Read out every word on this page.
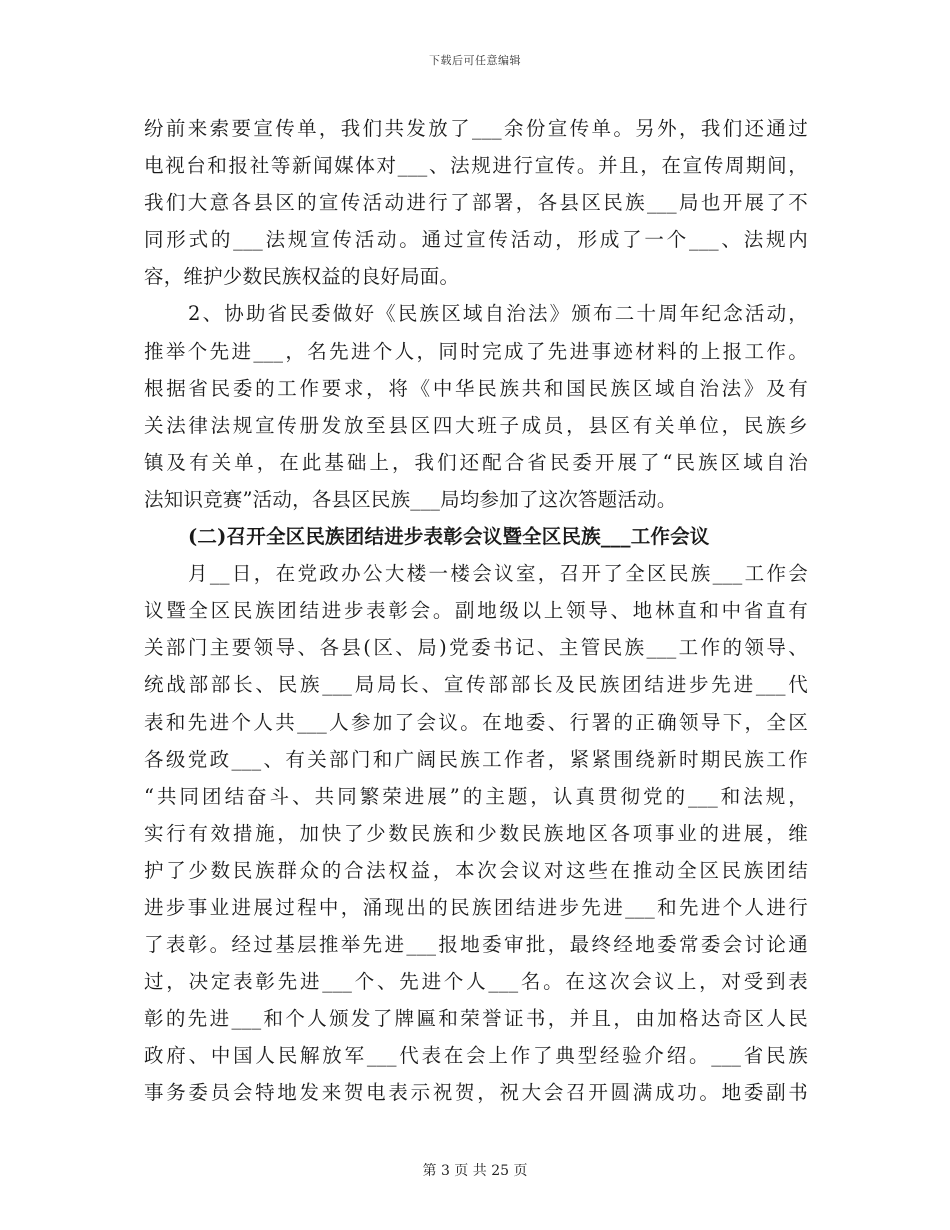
下载后可任意编辑
纷前来索要宣传单，我们共发放了___余份宣传单。另外，我们还通过
电视台和报社等新闻媒体对___、法规进行宣传。并且，在宣传周期间，
我们大意各县区的宣传活动进行了部署，各县区民族___局也开展了不
同形式的___法规宣传活动。通过宣传活动，形成了一个___、法规内
容，维护少数民族权益的良好局面。
2、协助省民委做好《民族区域自治法》颁布二十周年纪念活动，
推举个先进___，名先进个人，同时完成了先进事迹材料的上报工作。
根据省民委的工作要求，将《中华民族共和国民族区域自治法》及有
关法律法规宣传册发放至县区四大班子成员，县区有关单位，民族乡
镇及有关单，在此基础上，我们还配合省民委开展了“民族区域自治
法知识竞赛”活动，各县区民族___局均参加了这次答题活动。
(二)召开全区民族团结进步表彰会议暨全区民族___工作会议
月__日，在党政办公大楼一楼会议室，召开了全区民族___工作会
议暨全区民族团结进步表彰会。副地级以上领导、地林直和中省直有
关部门主要领导、各县(区、局)党委书记、主管民族___工作的领导、
统战部部长、民族___局局长、宣传部部长及民族团结进步先进___代
表和先进个人共___人参加了会议。在地委、行署的正确领导下，全区
各级党政___、有关部门和广阔民族工作者，紧紧围绕新时期民族工作
“共同团结奋斗、共同繁荣进展”的主题，认真贯彻党的___和法规，
实行有效措施，加快了少数民族和少数民族地区各项事业的进展，维
护了少数民族群众的合法权益，本次会议对这些在推动全区民族团结
进步事业进展过程中，涌现出的民族团结进步先进___和先进个人进行
了表彰。经过基层推举先进___报地委审批，最终经地委常委会讨论通
过，决定表彰先进___个、先进个人___名。在这次会议上，对受到表
彰的先进___和个人颁发了牌匾和荣誉证书，并且，由加格达奇区人民
政府、中国人民解放军___代表在会上作了典型经验介绍。___省民族
事务委员会特地发来贺电表示祝贺，祝大会召开圆满成功。地委副书
第 3 页 共 25 页
